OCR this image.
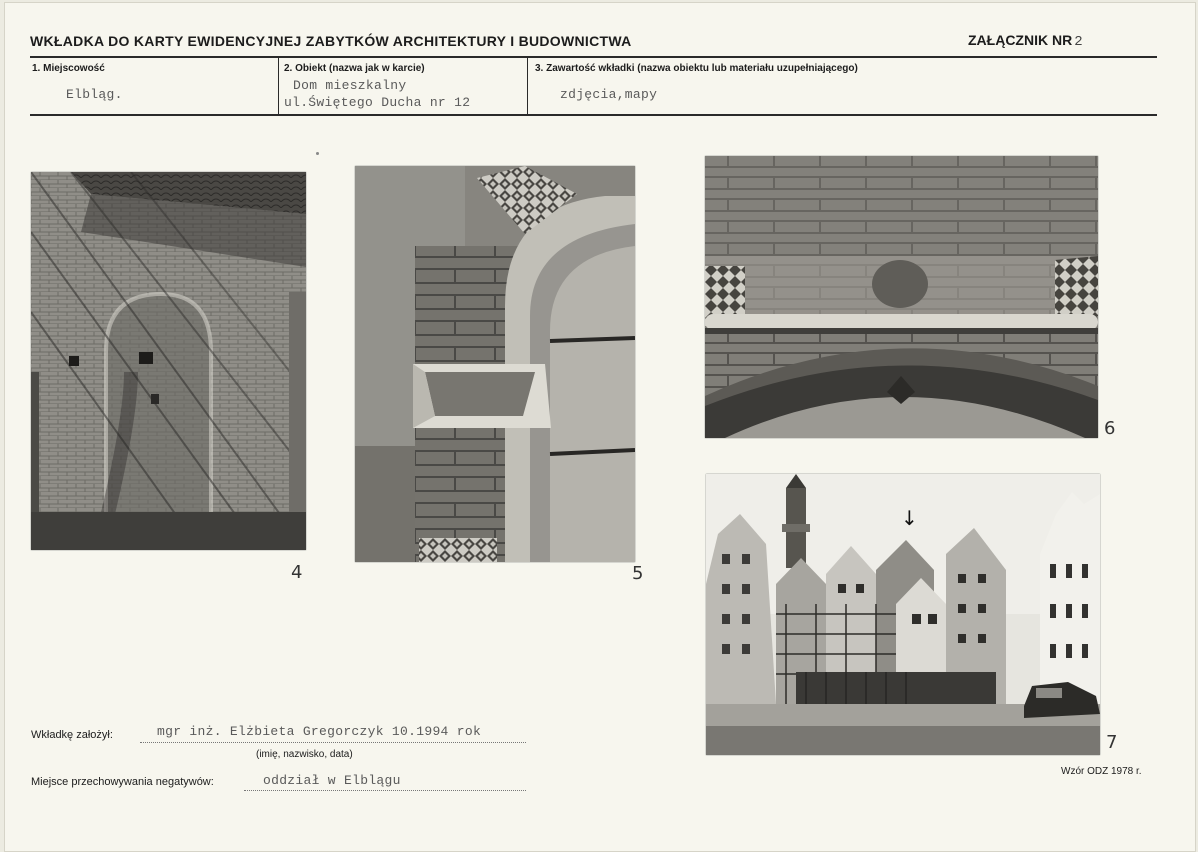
WKŁADKA DO KARTY EWIDENCYJNEJ ZABYTKÓW ARCHITEKTURY I BUDOWNICTWA	ZAŁĄCZNIK NR 2
1. Miejscowość
Elbląg.
2. Obiekt (nazwa jak w karcie)
Dom mieszkalny
ul.Świętego Ducha nr 12
3. Zawartość wkładki (nazwa obiektu lub materiału uzupełniającego)
zdjęcia,mapy
4	5
6
↓
7
Wkładkę założył:	mgr inż. Elżbieta Gregorczyk 10.1994 rok
(imię, nazwisko, data)
Miejsce przechowywania negatywów:	oddział w Elblągu
Wzór ODZ 1978 r.
